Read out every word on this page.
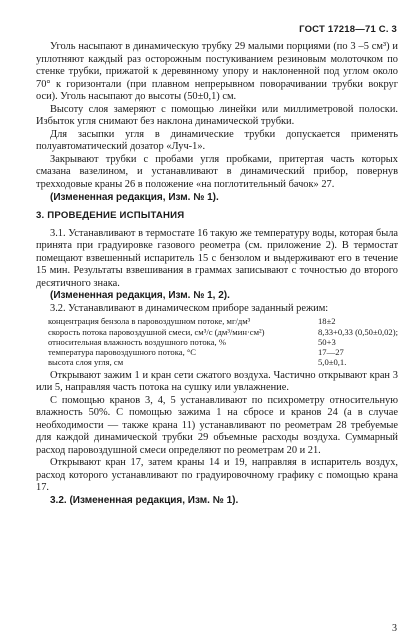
ГОСТ 17218—71 С. 3

Уголь насыпают в динамическую трубку 29 малыми порциями (по 3 –5 см³) и уплотняют каждый раз осторожным постукиванием резиновым молоточком по стенке трубки, прижатой к деревянному упору и наклоненной под углом около 70° к горизонтали (при плавном непрерывном поворачивании трубки вокруг оси). Уголь насыпают до высоты (50±0,1) см.

Высоту слоя замеряют с помощью линейки или миллиметровой полоски. Избыток угля снимают без наклона динамической трубки.

Для засыпки угля в динамические трубки допускается применять полуавтоматический дозатор «Луч-1».

Закрывают трубки с пробами угля пробками, притертая часть которых смазана вазелином, и устанавливают в динамический прибор, повернув трехходовые краны 26 в положение «на поглотительный бачок» 27.

(Измененная редакция, Изм. № 1).

3. ПРОВЕДЕНИЕ ИСПЫТАНИЯ

3.1. Устанавливают в термостате 16 такую же температуру воды, которая была принята при градуировке газового реометра (см. приложение 2). В термостат помещают взвешенный испаритель 15 с бензолом и выдерживают его в течение 15 мин. Результаты взвешивания в граммах записывают с точностью до второго десятичного знака.

(Измененная редакция, Изм. № 1, 2).

3.2. Устанавливают в динамическом приборе заданный режим:

концентрация бензола в паровоздушном потоке, мг/дм³	18±2
скорость потока паровоздушной смеси, см³/с (дм³/мин·см²)	8,33+0,33 (0,50±0,02);
относительная влажность воздушного потока, %	50+3
температура паровоздушного потока, °С	17—27
высота слоя угля, см	5,0±0,1.

Открывают зажим 1 и кран сети сжатого воздуха. Частично открывают кран 3 или 5, направляя часть потока на сушку или увлажнение.

С помощью кранов 3, 4, 5 устанавливают по психрометру относительную влажность 50%. С помощью зажима 1 на сбросе и кранов 24 (а в случае необходимости — также крана 11) устанавливают по реометрам 28 требуемые для каждой динамической трубки 29 объемные расходы воздуха. Суммарный расход паровоздушной смеси определяют по реометрам 20 и 21.

Открывают кран 17, затем краны 14 и 19, направляя в испаритель воздух, расход которого устанавливают по градуировочному графику с помощью крана 17.

3.2. (Измененная редакция, Изм. № 1).

3
